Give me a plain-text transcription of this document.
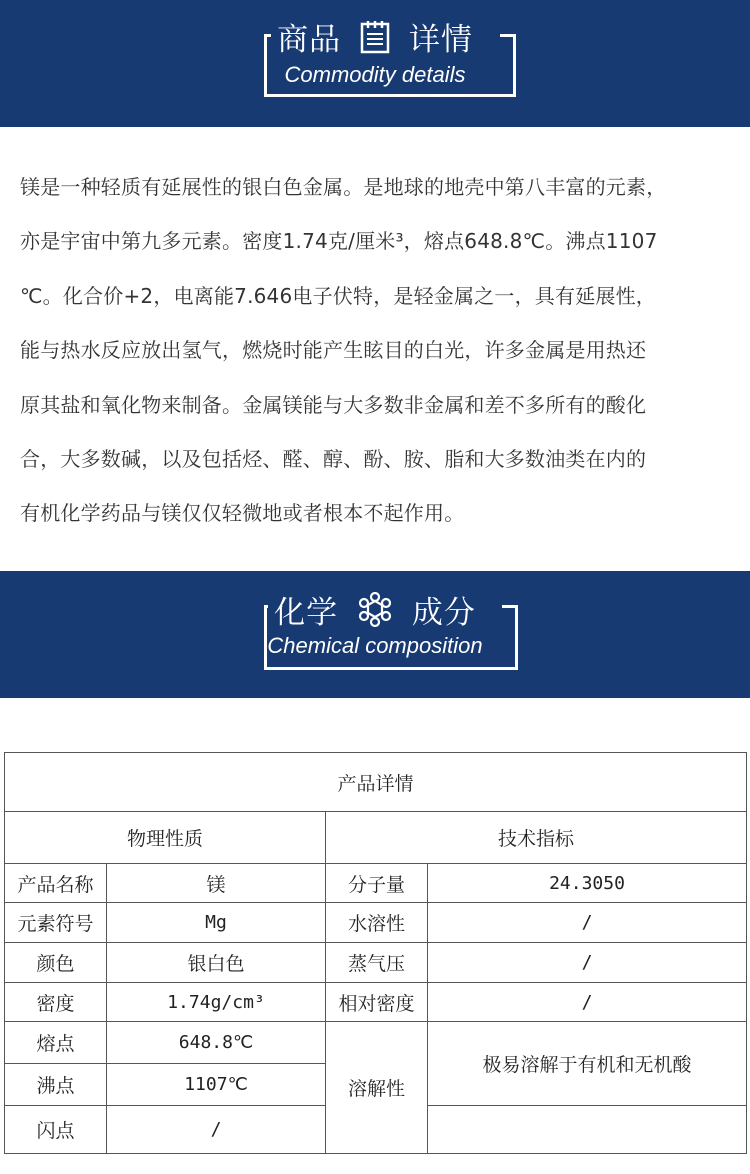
商品 详情
Commodity details

镁是一种轻质有延展性的银白色金属。是地球的地壳中第八丰富的元素，

亦是宇宙中第九多元素。密度1.74克/厘米³，熔点648.8℃。沸点1107

℃。化合价+2，电离能7.646电子伏特，是轻金属之一，具有延展性，

能与热水反应放出氢气，燃烧时能产生眩目的白光，许多金属是用热还

原其盐和氧化物来制备。金属镁能与大多数非金属和差不多所有的酸化

合，大多数碱，以及包括烃、醛、醇、酚、胺、脂和大多数油类在内的

有机化学药品与镁仅仅轻微地或者根本不起作用。

化学 成分
Chemical composition
产品详情			
物理性质		技术指标	
产品名称	镁	分子量	24.3050
元素符号	Mg	水溶性	/
颜色	银白色	蒸气压	/
密度	1.74g/cm³	相对密度	/
熔点	648.8℃	溶解性	极易溶解于有机和无机酸
沸点	1107℃		
闪点	/		
